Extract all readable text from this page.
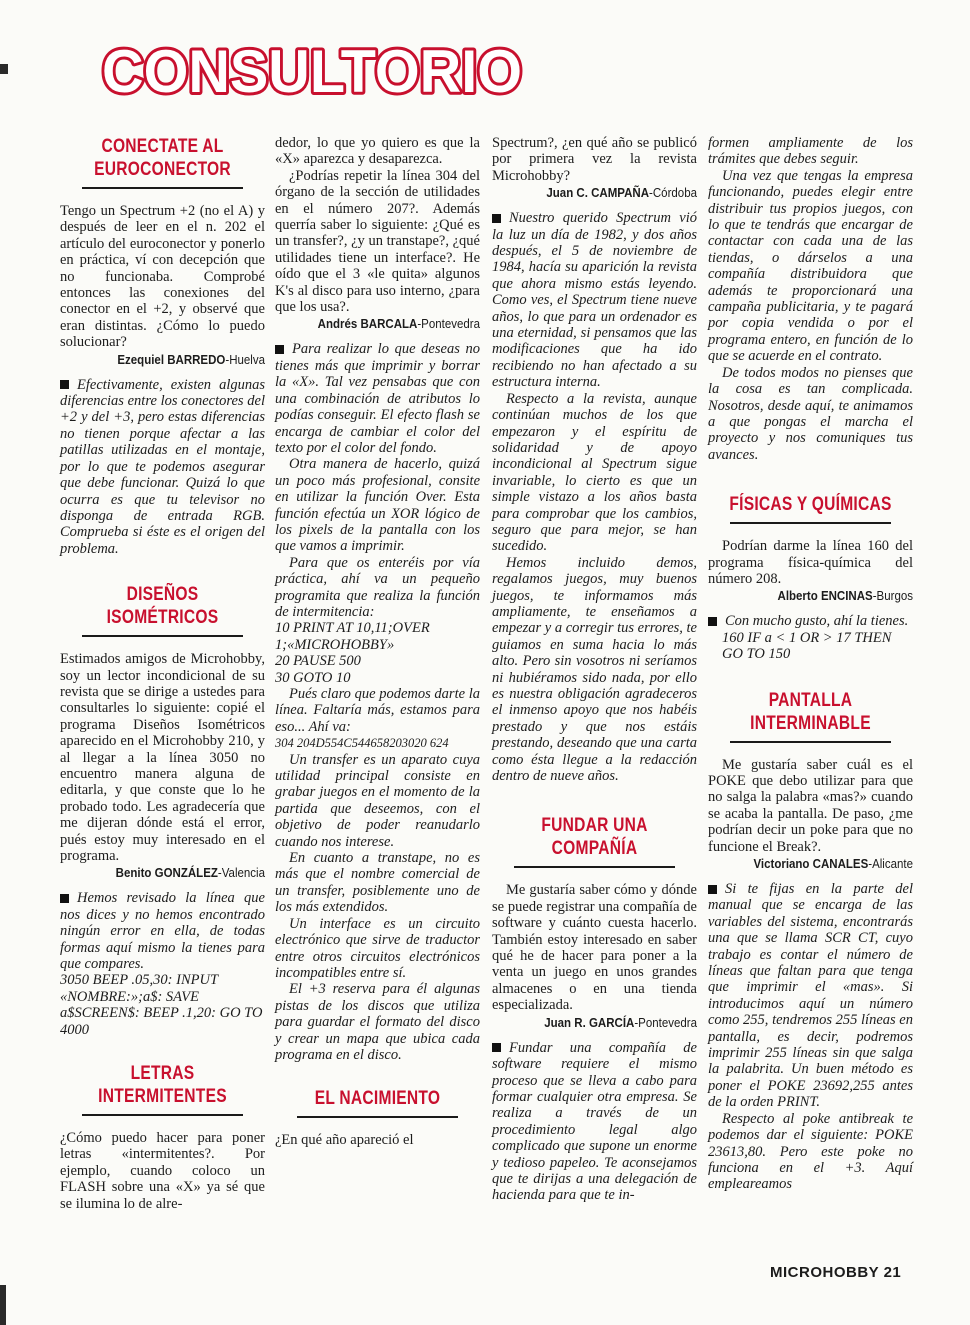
CONSULTORIO
CONECTATE AL
EUROCONECTOR

Tengo un Spectrum +2 (no el A) y después de leer en el n. 202 el artículo del euroconector y ponerlo en práctica, ví con decepción que no funcionaba. Comprobé entonces las conexiones del conector en el +2, y observé que eran distintas. ¿Cómo lo puedo solucionar?

Ezequiel BARREDO-Huelva

Efectivamente, existen algunas diferencias entre los conectores del +2 y del +3, pero estas diferencias no tienen porque afectar a las patillas utilizadas en el montaje, por lo que te podemos asegurar que debe funcionar. Quizá lo que ocurra es que tu televisor no disponga de entrada RGB. Comprueba si éste es el origen del problema.

DISEÑOS
ISOMÉTRICOS

Estimados amigos de Microhobby, soy un lector incondicional de su revista que se dirige a ustedes para consultarles lo siguiente: copié el programa Diseños Isométricos aparecido en el Microhobby 210, y al llegar a la línea 3050 no encuentro manera alguna de editarla, y que conste que lo he probado todo. Les agradecería que me dijeran dónde está el error, pués estoy muy interesado en el programa.

Benito GONZÁLEZ-Valencia

Hemos revisado la línea que nos dices y no hemos encontrado ningún error en ella, de todas formas aquí mismo la tienes para que compares.

3050 BEEP .05,30: INPUT «NOMBRE:»;a$: SAVE a$SCREEN$: BEEP .1,20: GO TO 4000
LETRAS
INTERMITENTES

¿Cómo puedo hacer para poner letras «intermitentes?. Por ejemplo, cuando coloco un FLASH sobre una «X» ya sé que se ilumina lo de alre-

dedor, lo que yo quiero es que la «X» aparezca y desaparezca.

¿Podrías repetir la línea 304 del órgano de la sección de utilidades en el número 207?. Además querría saber lo siguiente: ¿Qué es un transfer?, ¿y un transtape?, ¿qué utilidades tiene un interface?. He oído que el 3 «le quita» algunos K's al disco para uso interno, ¿para que los usa?.

Andrés BARCALA-Pontevedra

Para realizar lo que deseas no tienes más que imprimir y borrar la «X». Tal vez pensabas que con una combinación de atributos lo podías conseguir. El efecto flash se encarga de cambiar el color del texto por el color del fondo.

Otra manera de hacerlo, quizá un poco más profesional, consite en utilizar la función Over. Esta función efectúa un XOR lógico de los pixels de la pantalla con los que vamos a imprimir.

Para que os enteréis por vía práctica, ahí va un pequeño programita que realiza la función de intermitencia:

10 PRINT AT 10,11;OVER 1;«MICROHOBBY»
20 PAUSE 500
30 GOTO 10

Pués claro que podemos darte la línea. Faltaría más, estamos para eso... Ahí va:

304 204D554C544658203020 624

Un transfer es un aparato cuya utilidad principal consiste en grabar juegos en el momento de la partida que deseemos, con el objetivo de poder reanudarlo cuando nos interese.

En cuanto a transtape, no es más que el nombre comercial de un transfer, posiblemente uno de los más extendidos.

Un interface es un circuito electrónico que sirve de traductor entre otros circuitos electrónicos incompatibles entre sí.

El +3 reserva para él algunas pistas de los discos que utiliza para guardar el formato del disco y crear un mapa que ubica cada programa en el disco.

EL NACIMIENTO

¿En qué año apareció el

Spectrum?, ¿en qué año se publicó por primera vez la revista Microhobby?

Juan C. CAMPAÑA-Córdoba

Nuestro querido Spectrum vió la luz un día de 1982, y dos años después, el 5 de noviembre de 1984, hacía su aparición la revista que ahora mismo estás leyendo. Como ves, el Spectrum tiene nueve años, lo que para un ordenador es una eternidad, si pensamos que las modificaciones que ha ido recibiendo no han afectado a su estructura interna.

Respecto a la revista, aunque continúan muchos de los que empezaron y el espíritu de solidaridad y de apoyo incondicional al Spectrum sigue invariable, lo cierto es que un simple vistazo a los años basta para comprobar que los cambios, seguro que para mejor, se han sucedido.

Hemos incluido demos, regalamos juegos, muy buenos juegos, te informamos más ampliamente, te enseñamos a empezar y a corregir tus errores, te guiamos en suma hacia lo más alto. Pero sin vosotros ni seríamos ni hubiéramos sido nada, por ello es nuestra obligación agradeceros el inmenso apoyo que nos habéis prestado y que nos estáis prestando, deseando que una carta como ésta llegue a la redacción dentro de nueve años.

FUNDAR UNA
COMPAÑÍA

Me gustaría saber cómo y dónde se puede registrar una compañía de software y cuánto cuesta hacerlo. También estoy interesado en saber qué he de hacer para poner a la venta un juego en unos grandes almacenes o en una tienda especializada.

Juan R. GARCÍA-Pontevedra

Fundar una compañía de software requiere el mismo proceso que se lleva a cabo para formar cualquier otra empresa. Se realiza a través de un procedimiento legal algo complicado que supone un enorme y tedioso papeleo. Te aconsejamos que te dirijas a una delegación de hacienda para que te in-

formen ampliamente de los trámites que debes seguir.

Una vez que tengas la empresa funcionando, puedes elegir entre distribuir tus propios juegos, con lo que te tendrás que encargar de contactar con cada una de las tiendas, o dárselos a una compañía distribuidora que además te proporcionará una campaña publicitaria, y te pagará por copia vendida o por el programa entero, en función de lo que se acuerde en el contrato.

De todos modos no pienses que la cosa es tan complicada. Nosotros, desde aquí, te animamos a que pongas el marcha el proyecto y nos comuniques tus avances.

FÍSICAS Y QUÍMICAS

Podrían darme la línea 160 del programa física-química del número 208.

Alberto ENCINAS-Burgos

Con mucho gusto, ahí la tienes.

160 IF a < 1 OR > 17 THEN GO TO 150
PANTALLA
INTERMINABLE

Me gustaría saber cuál es el POKE que debo utilizar para que no salga la palabra «mas?» cuando se acaba la pantalla. De paso, ¿me podrían decir un poke para que no funcione el Break?.

Victoriano CANALES-Alicante

Si te fijas en la parte del manual que se encarga de las variables del sistema, encontrarás una que se llama SCR CT, cuyo trabajo es contar el número de líneas que faltan para que tenga que imprimir el «mas». Si introducimos aquí un número como 255, tendremos 255 líneas en pantalla, es decir, podremos imprimir 255 líneas sin que salga la palabrita. Un buen método es poner el POKE 23692,255 antes de la orden PRINT.

Respecto al poke antibreak te podemos dar el siguiente: POKE 23613,80. Pero este poke no funciona en el +3. Aquí empleareamos

MICROHOBBY 21
